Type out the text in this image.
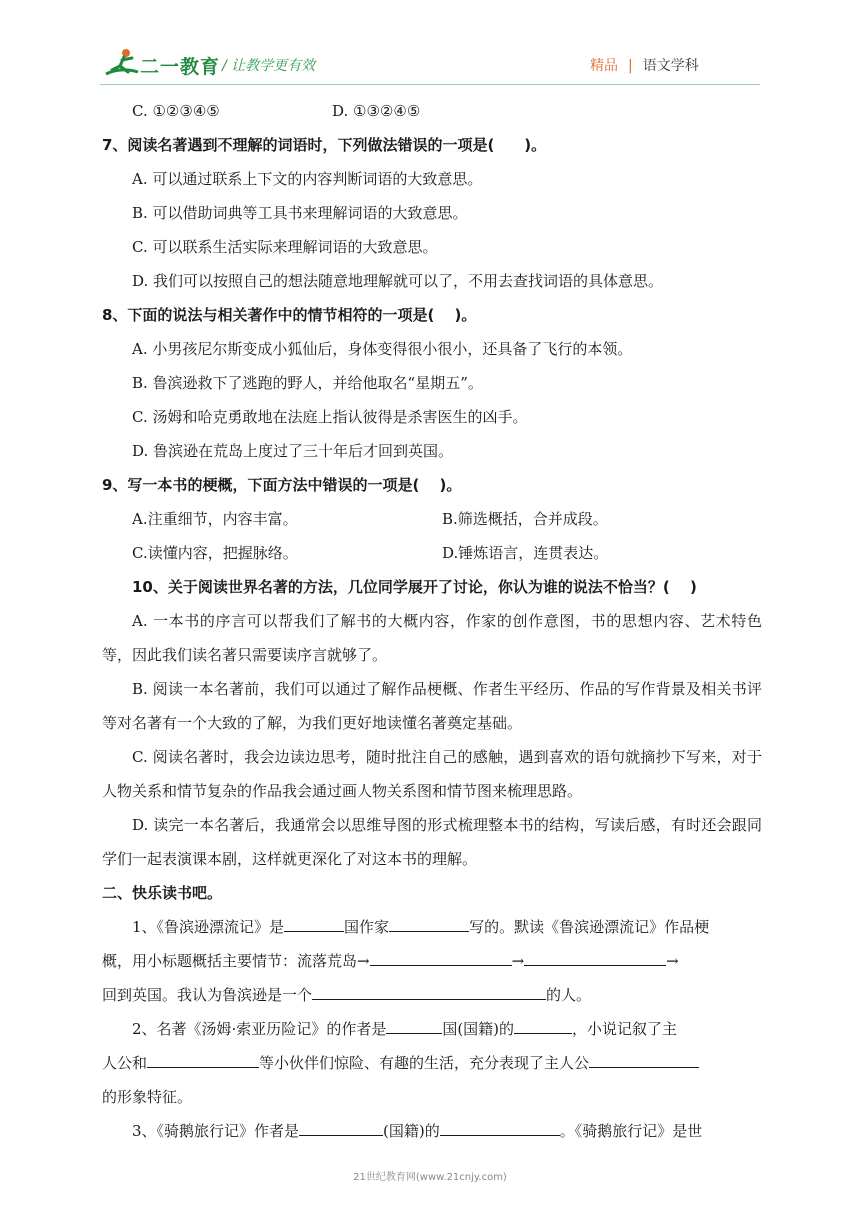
二一教育 / 让教学更有效	精品 | 语文学科
C. ①②③④⑤	D. ①③②④⑤
7、阅读名著遇到不理解的词语时，下列做法错误的一项是(　　)。
A. 可以通过联系上下文的内容判断词语的大致意思。
B. 可以借助词典等工具书来理解词语的大致意思。
C. 可以联系生活实际来理解词语的大致意思。
D. 我们可以按照自己的想法随意地理解就可以了，不用去查找词语的具体意思。
8、下面的说法与相关著作中的情节相符的一项是(　 )。
A. 小男孩尼尔斯变成小狐仙后，身体变得很小很小，还具备了飞行的本领。
B. 鲁滨逊救下了逃跑的野人，并给他取名“星期五”。
C. 汤姆和哈克勇敢地在法庭上指认彼得是杀害医生的凶手。
D. 鲁滨逊在荒岛上度过了三十年后才回到英国。
9、写一本书的梗概，下面方法中错误的一项是(　 )。
A.注重细节，内容丰富。	B.筛选概括，合并成段。
C.读懂内容，把握脉络。	D.锤炼语言，连贯表达。
10、关于阅读世界名著的方法，几位同学展开了讨论，你认为谁的说法不恰当？(　 )
A. 一本书的序言可以帮我们了解书的大概内容，作家的创作意图，书的思想内容、艺术特色等，因此我们读名著只需要读序言就够了。
B. 阅读一本名著前，我们可以通过了解作品梗概、作者生平经历、作品的写作背景及相关书评等对名著有一个大致的了解，为我们更好地读懂名著奠定基础。
C. 阅读名著时，我会边读边思考，随时批注自己的感触，遇到喜欢的语句就摘抄下写来，对于人物关系和情节复杂的作品我会通过画人物关系图和情节图来梳理思路。
D. 读完一本名著后，我通常会以思维导图的形式梳理整本书的结构，写读后感，有时还会跟同学们一起表演课本剧，这样就更深化了对这本书的理解。
二、快乐读书吧。
1、《鲁滨逊漂流记》是	国作家	写的。默读《鲁滨逊漂流记》作品梗
概，用小标题概括主要情节：流落荒岛→	→	→
回到英国。我认为鲁滨逊是一个	的人。
2、名著《汤姆·索亚历险记》的作者是	国(国籍)的	，小说记叙了主
人公和	等小伙伴们惊险、有趣的生活，充分表现了主人公
的形象特征。
3、《骑鹅旅行记》作者是	(国籍)的	。《骑鹅旅行记》是世
21世纪教育网(www.21cnjy.com)
